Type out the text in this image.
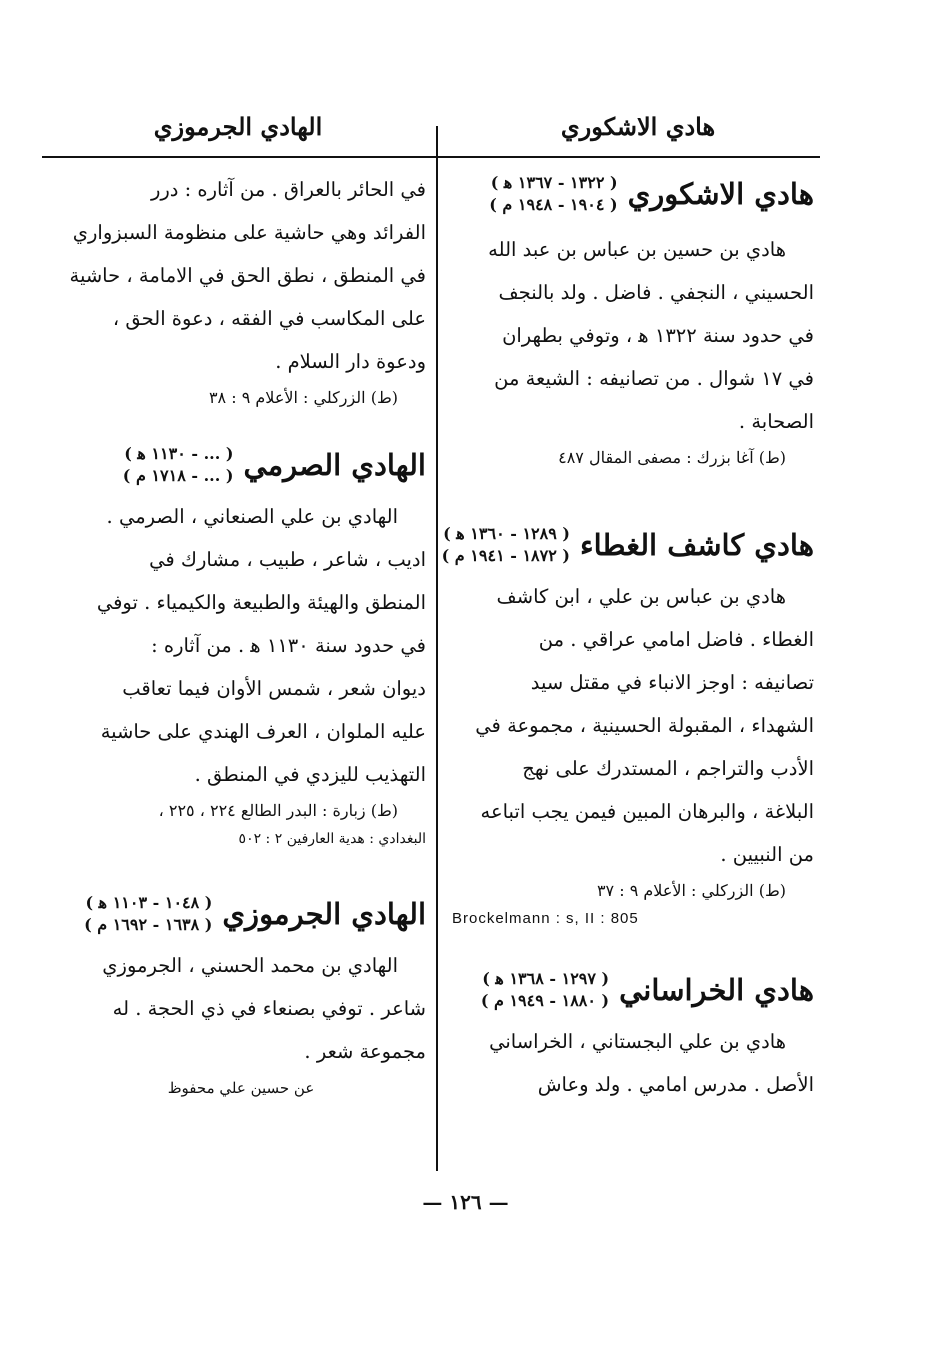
هادي الاشكوري
الهادي الجرموزي
هادي الاشكوري
( ١٣٢٢ - ١٣٦٧ ﻫ )
( ١٩٠٤ - ١٩٤٨ م )

هادي بن حسين بن عباس بن عبد الله

الحسيني ، النجفي . فاضل . ولد بالنجف

في حدود سنة ١٣٢٢ ﻫ ، وتوفي بطهران

في ١٧ شوال . من تصانيفه : الشيعة من

الصحابة .

(ط) آغا بزرك : مصفى المقال ٤٨٧

هادي كاشف الغطاء
( ١٢٨٩ - ١٣٦٠ ﻫ )
( ١٨٧٢ - ١٩٤١ م )

هادي بن عباس بن علي ، ابن كاشف

الغطاء . فاضل امامي عراقي . من

تصانيفه : اوجز الانباء في مقتل سيد

الشهداء ، المقبولة الحسينية ، مجموعة في

الأدب والتراجم ، المستدرك على نهج

البلاغة ، والبرهان المبين فيمن يجب اتباعه

من النبيين .

(ط) الزركلي : الأعلام ٩ : ٣٧

Brockelmann : s, II : 805

هادي الخراساني
( ١٢٩٧ - ١٣٦٨ ﻫ )
( ١٨٨٠ - ١٩٤٩ م )

هادي بن علي البجستاني ، الخراساني

الأصل . مدرس امامي . ولد وعاش

في الحائر بالعراق . من آثاره : درر

الفرائد وهي حاشية على منظومة السبزواري

في المنطق ، نطق الحق في الامامة ، حاشية

على المكاسب في الفقه ، دعوة الحق ،

ودعوة دار السلام .

(ط) الزركلي : الأعلام ٩ : ٣٨

الهادي الصرمي
( ... - ١١٣٠ ﻫ )
( ... - ١٧١٨ م )

الهادي بن علي الصنعاني ، الصرمي .

اديب ، شاعر ، طبيب ، مشارك في

المنطق والهيئة والطبيعة والكيمياء . توفي

في حدود سنة ١١٣٠ ﻫ . من آثاره :

ديوان شعر ، شمس الأوان فيما تعاقب

عليه الملوان ، العرف الهندي على حاشية

التهذيب لليزدي في المنطق .

(ط) زبارة : البدر الطالع ٢٢٤ ، ٢٢٥ ،

البغدادي : هدية العارفين ٢ : ٥٠٢

الهادي الجرموزي
( ١٠٤٨ - ١١٠٣ ﻫ )
( ١٦٣٨ - ١٦٩٢ م )

الهادي بن محمد الحسني ، الجرموزي

شاعر . توفي بصنعاء في ذي الحجة . له

مجموعة شعر .

عن حسين علي محفوظ

— ١٢٦ —
